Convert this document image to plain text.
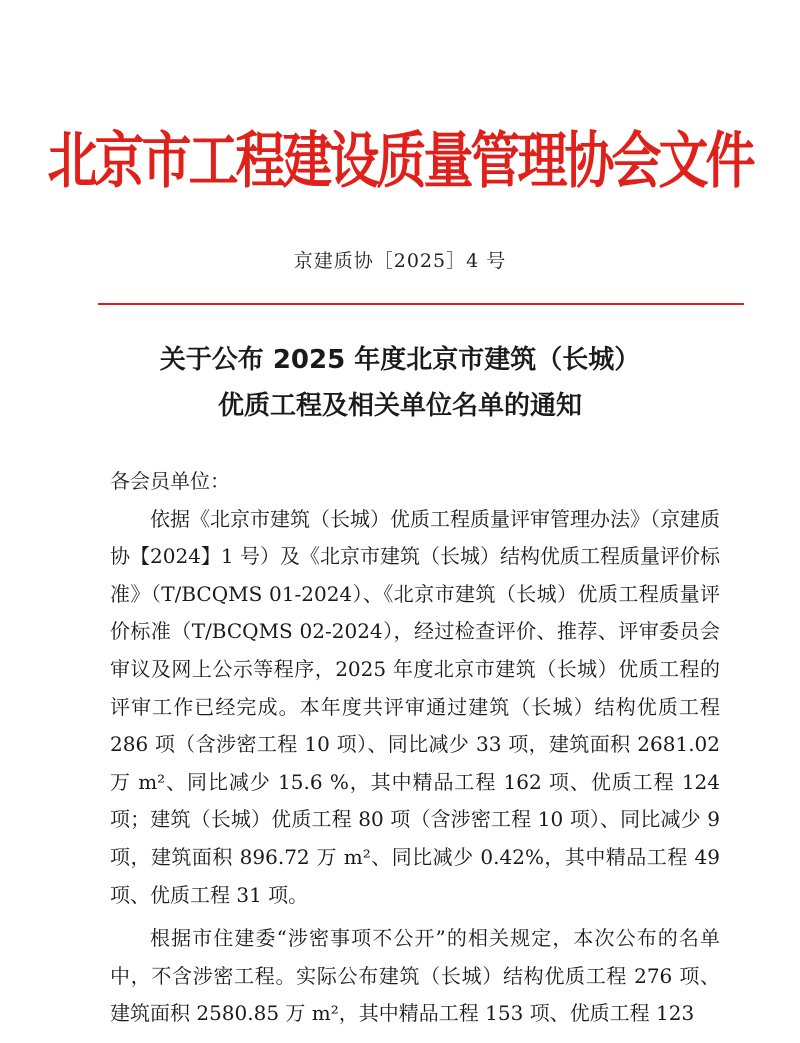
北京市工程建设质量管理协会文件
京建质协［2025］4 号
关于公布 2025 年度北京市建筑（长城）
优质工程及相关单位名单的通知

各会员单位：

依据《北京市建筑（长城）优质工程质量评审管理办法》（京建质协【2024】1 号）及《北京市建筑（长城）结构优质工程质量评价标准》（T/BCQMS 01-2024）、《北京市建筑（长城）优质工程质量评价标准（T/BCQMS 02-2024），经过检查评价、推荐、评审委员会审议及网上公示等程序，2025 年度北京市建筑（长城）优质工程的评审工作已经完成。本年度共评审通过建筑（长城）结构优质工程 286 项（含涉密工程 10 项）、同比减少 33 项，建筑面积 2681.02 万 m²、同比减少 15.6 %，其中精品工程 162 项、优质工程 124 项；建筑（长城）优质工程 80 项（含涉密工程 10 项）、同比减少 9 项，建筑面积 896.72 万 m²、同比减少 0.42%，其中精品工程 49 项、优质工程 31 项。

根据市住建委“涉密事项不公开”的相关规定，本次公布的名单中，不含涉密工程。实际公布建筑（长城）结构优质工程 276 项、建筑面积 2580.85 万 m²，其中精品工程 153 项、优质工程 123
